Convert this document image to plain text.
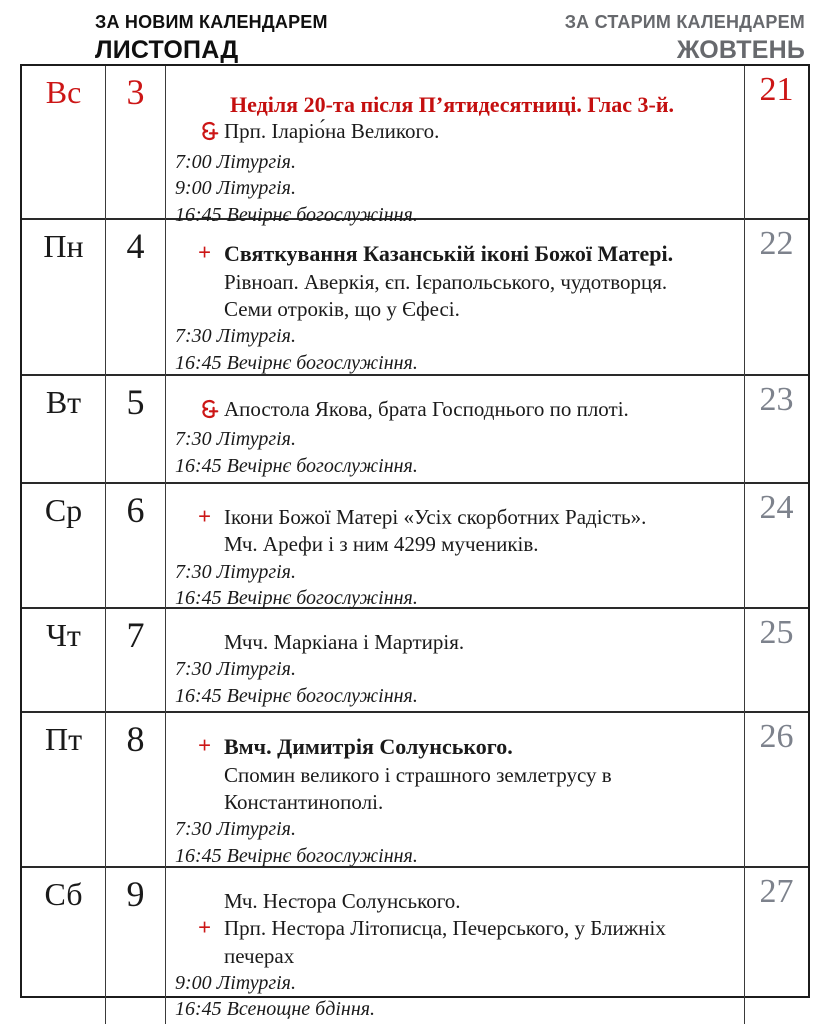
ЗА НОВИМ КАЛЕНДАРЕМ
ЛИСТОПАД
ЗА СТАРИМ КАЛЕНДАРЕМ
ЖОВТЕНЬ
Вс	3	Неділя 20-та після П’ятидесятниці. Глас 3-й.
Прп. Іларіо́на Великого.
7:00 Літургія.
9:00 Літургія.
16:45 Вечірнє богослужіння.
21
Пн	4	+ Святкування Казанській іконі Божої Матері.
Рівноап. Аверкія, єп. Ієрапольського, чудотворця.
Семи отроків, що у Єфесі.
7:30 Літургія.
16:45 Вечірнє богослужіння.
22
Вт	5	Апостола Якова, брата Господнього по плоті.
7:30 Літургія.
16:45 Вечірнє богослужіння.
23
Ср	6	+ Ікони Божої Матері «Усіх скорботних Радість».
Мч. Арефи і з ним 4299 мучеників.
7:30 Літургія.
16:45 Вечірнє богослужіння.
24
Чт	7	Мчч. Маркіана і Мартирія.
7:30 Літургія.
16:45 Вечірнє богослужіння.
25
Пт	8	+ Вмч. Димитрія Солунського.
Спомин великого і страшного землетрусу в
Константинополі.
7:30 Літургія.
16:45 Вечірнє богослужіння.
26
Сб	9	Мч. Нестора Солунського.
+ Прп. Нестора Літописца, Печерського, у Ближніх печерах
9:00 Літургія.
16:45 Всенощне бдіння.
27
